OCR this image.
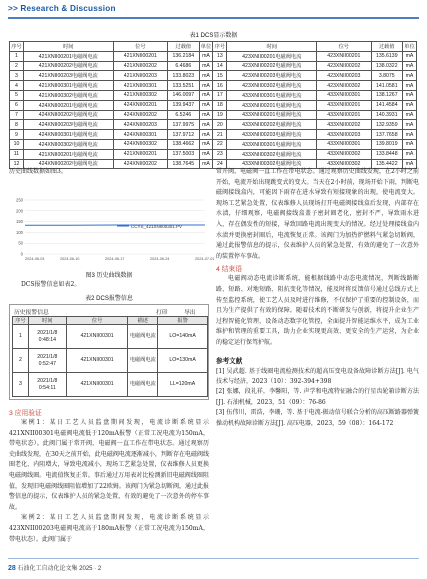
>> Research & Discussion
表1 DCS显示数据
序号	时间	位号	过载值	单位	序号	时间	位号	过载值	单位
1	421XNII00201电磁阀电流	421XNII00201	136.2184	mA	13	423XNII00201电磁阀电流	423XNII00201	135.6139	mA
2	421XNII00202电磁阀电流	421XNII00202	6.4686	mA	14	423XNII00202电磁阀电流	423XNII00202	138.0322	mA
3	421XNII00203电磁阀电流	421XNII00203	133.8023	mA	15	423XNII00203电磁阀电流	423XNII00203	3.8075	mA
4	421XNII00301电磁阀电流	421XNII00301	133.5251	mA	16	423XNII00302电磁阀电流	423XNII00302	141.0581	mA
5	421XNII00302电磁阀电流	421XNII00302	146.0097	mA	17	433XNII00301电磁阀电流	433XNII00301	138.1267	mA
6	424XNII00201电磁阀电流	424XNII00201	139.9437	mA	18	433XNII00201电磁阀电流	433XNII00201	141.4584	mA
7	424XNII00202电磁阀电流	424XNII00202	6.5246	mA	19	433XNII00201电磁阀电流	433XNII00201	140.3931	mA
8	424XNII00203电磁阀电流	424XNII00203	137.9975	mA	20	433XNII00202电磁阀电流	433XNII00202	132.9359	mA
9	424XNII00301电磁阀电流	424XNII00301	137.9712	mA	21	433XNII00203电磁阀电流	433XNII00203	137.7658	mA
10	424XNII00302电磁阀电流	424XNII00302	138.4662	mA	22	433XNII00301电磁阀电流	433XNII00301	139.8019	mA
11	421XNII00201电磁阀电流	421XNII00201	137.5003	mA	23	433XNII00302电磁阀电流	433XNII00302	133.8448	mA
12	424XNII00202电磁阀电流	424XNII00202	138.7645	mA	24	433XNII00302电磁阀电流	433XNII00302	135.4422	mA
历史曲线数据如图3。
0
50
100
150
200
250
2024-06-03	2024-06-10	2024-06-17	2024-06-24	2024-07-01
CCYS_421XNII00301.PV
图3 历史曲线数据
DCS报警信息如表2。
表2 DCS报警信息
历史报警信息	打印	导出
序号	时间	位号	描述	报警
1	2021/1/8 0:48:14	421XNII00301	电磁阀电流	LO=140mA
2	2021/1/8 0:52:47	421XNII00301	电磁阀电流	LO=130mA
3	2021/1/8 0:54:11	421XNII00301	电磁阀电流	LL=120mA
3 应用验证
案例1：某日工艺人员监盘期间发现，电流诊断系统显示421XNII00301电磁阀电流低于120mA报警（正常工况电流为150mA，带电状态）。此阀门属于常开阀，电磁阀一直工作在带电状态。通过观察历史曲线发现，在30天之前开始，此电磁阀电流逐渐减小，判断存在电磁阀线圈老化、内阻增大，导致电流减小，现场工艺紧急处置，仪表维修人员更换电磁阀线圈。电流值恢复正常。事后通过万用表对比检测新旧电磁阀线圈阻值，发现旧电磁阀线圈阻值增加了22欧姆。该阀门为紧急切断阀，通过此报警信息的提示，仪表维护人员的紧急处置，有效的避免了一次意外的停车事故。
案例2：某日工艺人员监盘期间发现，电流诊断系统显示423XNII00203电磁阀电流高于180mA报警（正常工况电流为150mA，带电状态）。此阀门属于
常开阀，电磁阀一直工作在带电状态。通过观察历史曲线发现，在2小时之前开始，电流开始出现跳变式的变大。当天在2小时前，现场开始下雨，判断电磁阀接线盒内，可能因下雨存在进水导致有短接现象的出现，使电流变大。现场工艺紧急处置，仪表维修人员现场打开电磁阀接线盒后发现，内部存在水渍，仔细观察，电磁阀接线盒盖子密封圈老化，密封不严，导致雨水进入，存在偶发性的短接，导致回路电流出现变大的情况。经过处理接线盒内水渍并更换密封圈后，电流恢复正常。该阀门为加热炉燃料气紧急切断阀，通过此报警信息的提示，仪表维护人员的紧急处置，有效的避免了一次意外的装置停车事故。
4 结束语
电磁阀动态电流诊断系统，能根据线路中动态电流情况，判断线路断路、短路、对地短路、阻抗变化等情况，能及时将反馈信号通过总线方式上传至监控系统，使工艺人员及时进行维修，不仅保护了重要的控制设备，而且为生产提供了有效的保障。随着技术的不断研发与创新，将提升企业生产过程智能化管理，设备动态数字化管控，全面提升智能运维水平，成为工业维护和管理的重要工具，助力企业实现更高效、更安全的生产运营，为企业的稳定运行保驾护航。
参考文献
[1] 吴武超. 基于线圈电流检测技术的超高压变电设备故障诊断方法[J]. 电气技术与经济，2023（10）：392-394+398
[2] 张娜，段礼祥，李馨阳，等. 声学和电流特征融合的行星齿轮箱诊断方法[J]. 石油机械，2023，51（09）：76-86
[3] 伍伟川，雷浩，李珊，等. 基于电流-振动信号联合分析的高压断路器弹簧操动机构故障诊断方法[J]. 高压电器，2023，59（08）：164-172
28 石油化工自动化论文集 2025 · 2
